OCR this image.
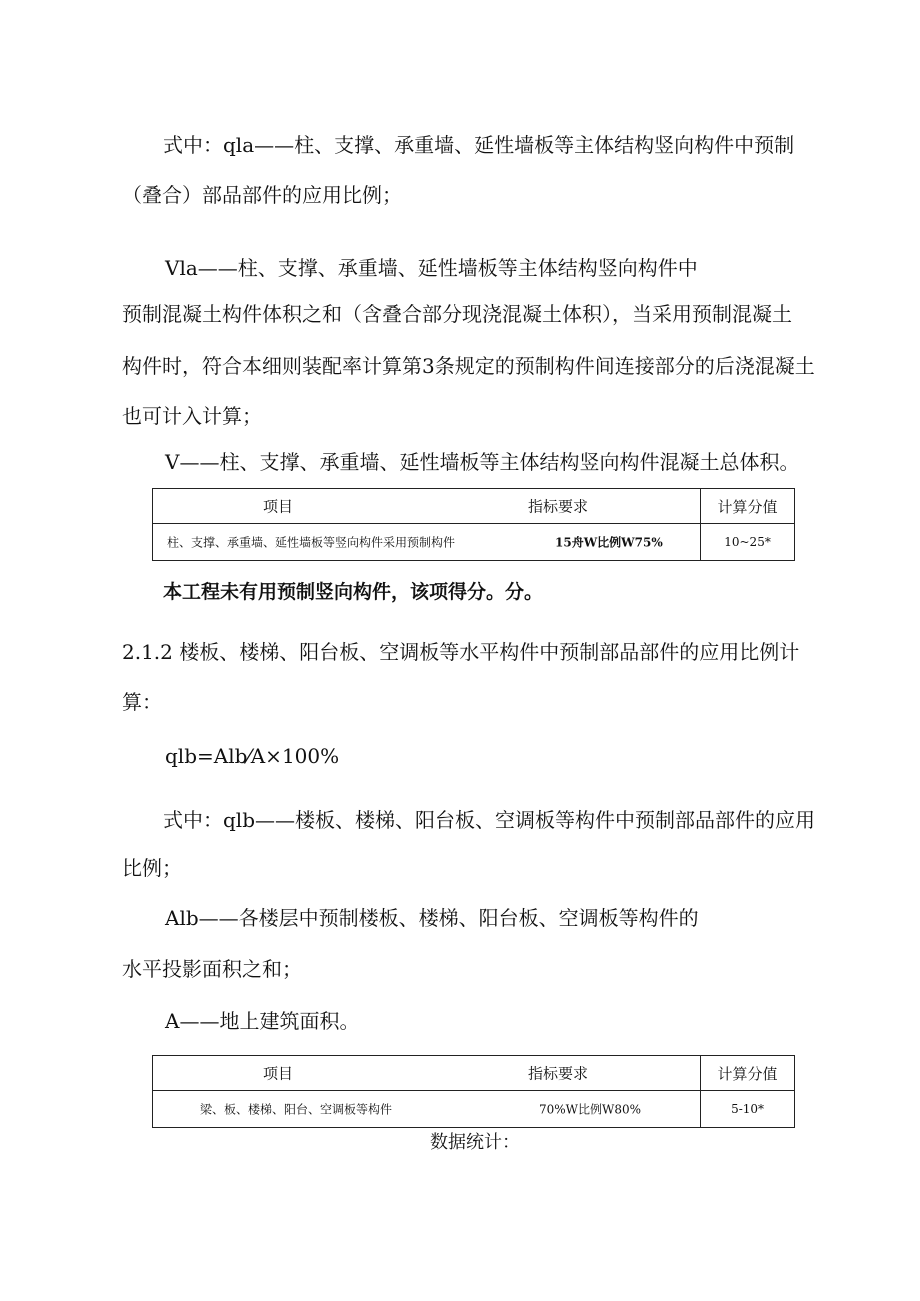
式中：qla——柱、支撑、承重墙、延性墙板等主体结构竖向构件中预制
（叠合）部品部件的应用比例；
Vla——柱、支撑、承重墙、延性墙板等主体结构竖向构件中
预制混凝土构件体积之和（含叠合部分现浇混凝土体积），当采用预制混凝土
构件时，符合本细则装配率计算第3条规定的预制构件间连接部分的后浇混凝土
也可计入计算；
V——柱、支撑、承重墙、延性墙板等主体结构竖向构件混凝土总体积。
项目 指标要求	计算分值

柱、支撑、承重墙、延性墙板等竖向构件采用预制构件 15舟W比例W75%	10~25*
本工程未有用预制竖向构件，该项得分。分。
2.1.2 楼板、楼梯、阳台板、空调板等水平构件中预制部品部件的应用比例计
算：
qlb=Alb⁄A×100%
式中：qlb——楼板、楼梯、阳台板、空调板等构件中预制部品部件的应用
比例；
Alb——各楼层中预制楼板、楼梯、阳台板、空调板等构件的
水平投影面积之和；
A——地上建筑面积。
项目 指标要求	计算分值

梁、板、楼梯、阳台、空调板等构件 70%W比例W80%	5-10*
数据统计：
